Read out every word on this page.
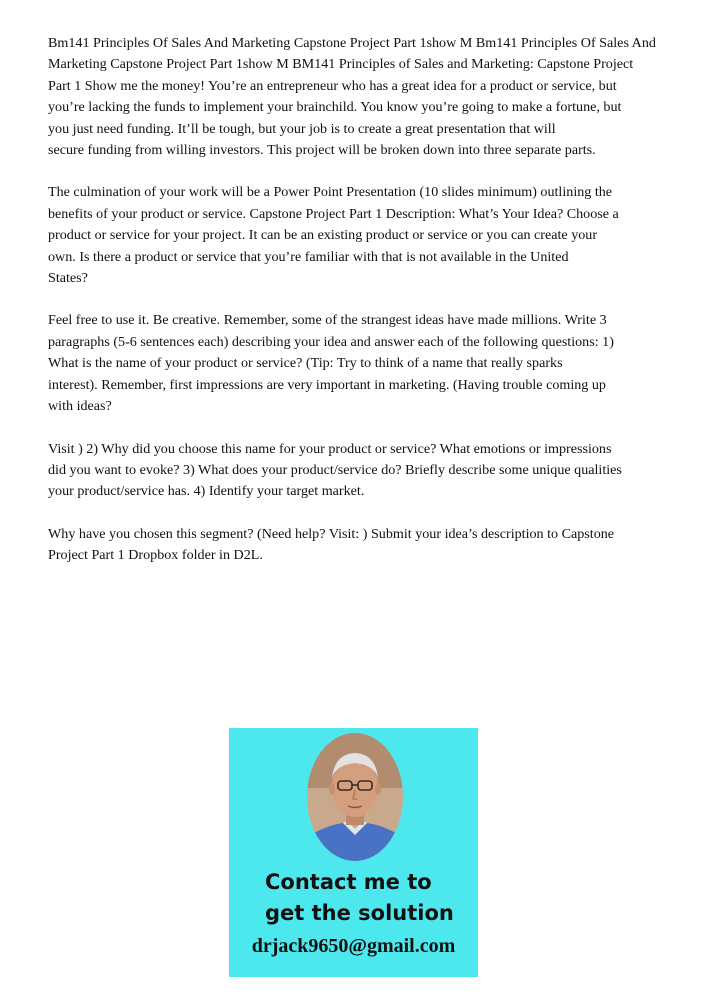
Bm141 Principles Of Sales And Marketing Capstone Project Part 1show M Bm141 Principles Of Sales And
Marketing Capstone Project Part 1show M BM141 Principles of Sales and Marketing: Capstone Project
Part 1 Show me the money! You’re an entrepreneur who has a great idea for a product or service, but
you’re lacking the funds to implement your brainchild. You know you’re going to make a fortune, but
you just need funding. It’ll be tough, but your job is to create a great presentation that will
secure funding from willing investors. This project will be broken down into three separate parts.

The culmination of your work will be a Power Point Presentation (10 slides minimum) outlining the
benefits of your product or service. Capstone Project Part 1 Description: What’s Your Idea? Choose a
product or service for your project. It can be an existing product or service or you can create your
own. Is there a product or service that you’re familiar with that is not available in the United
States?

Feel free to use it. Be creative. Remember, some of the strangest ideas have made millions. Write 3
paragraphs (5-6 sentences each) describing your idea and answer each of the following questions: 1)
What is the name of your product or service? (Tip: Try to think of a name that really sparks
interest). Remember, first impressions are very important in marketing. (Having trouble coming up
with ideas?

Visit ) 2) Why did you choose this name for your product or service? What emotions or impressions
did you want to evoke? 3) What does your product/service do? Briefly describe some unique qualities
your product/service has. 4) Identify your target market.

Why have you chosen this segment? (Need help? Visit: ) Submit your idea’s description to Capstone
Project Part 1 Dropbox folder in D2L.

Contact me to
get the solution
drjack9650@gmail.com
